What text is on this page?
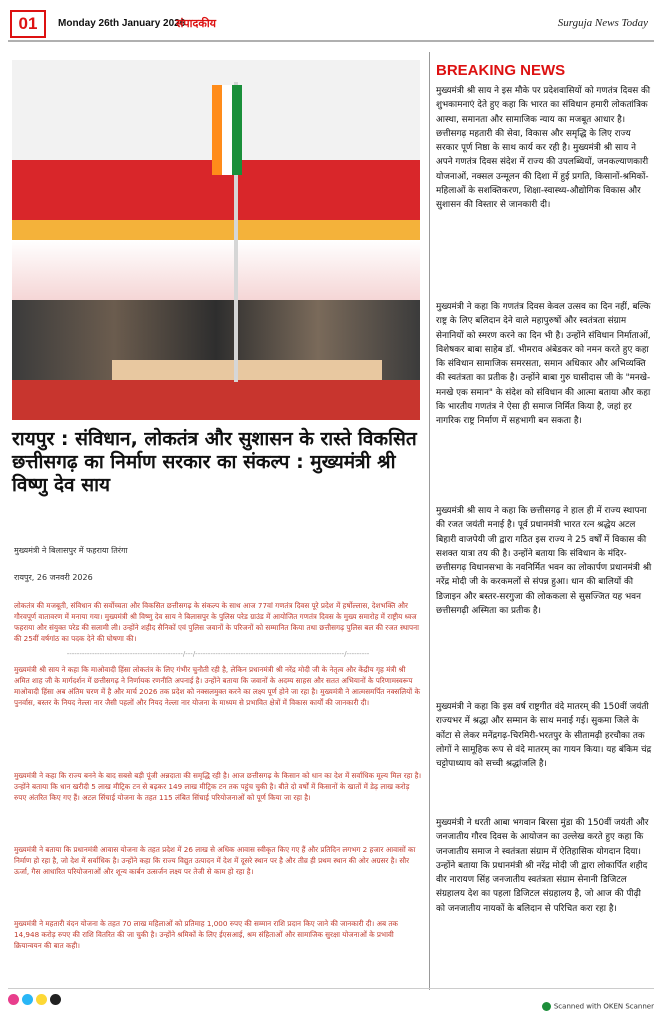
01	Monday 26th January 2026
संपादकीय	Surguja News Today
रायपुर : संविधान, लोकतंत्र और सुशासन के रास्ते विकसित छत्तीसगढ़ का निर्माण सरकार का संकल्प : मुख्यमंत्री श्री विष्णु देव साय
मुख्यमंत्री ने बिलासपुर में फहराया तिरंगा
रायपुर, 26 जनवरी 2026
लोकतंत्र की मजबूती, संविधान की सर्वोच्चता और विकसित छत्तीसगढ़ के संकल्प के साथ आज 77वां गणतंत्र दिवस पूरे प्रदेश में हर्षोल्लास, देशभक्ति और गौरवपूर्ण वातावरण में मनाया गया। मुख्यमंत्री श्री विष्णु देव साय ने बिलासपुर के पुलिस परेड ग्राउंड में आयोजित गणतंत्र दिवस के मुख्य समारोह में राष्ट्रीय ध्वज फहराया और संयुक्त परेड की सलामी ली। उन्होंने शहीद सैनिकों एवं पुलिस जवानों के परिजनों को सम्मानित किया तथा छत्तीसगढ़ पुलिस बल की रजत स्थापना की 25वीं वर्षगांठ का पदक देने की घोषणा की।
----------------------------------------------/---/-----------------------------------------------------------/---------
मुख्यमंत्री श्री साय ने कहा कि माओवादी हिंसा लोकतंत्र के लिए गंभीर चुनौती रही है, लेकिन प्रधानमंत्री श्री नरेंद्र मोदी जी के नेतृत्व और केंद्रीय गृह मंत्री श्री अमित शाह जी के मार्गदर्शन में छत्तीसगढ़ ने निर्णायक रणनीति अपनाई है। उन्होंने बताया कि जवानों के अदम्य साहस और सतत अभियानों के परिणामस्वरूप माओवादी हिंसा अब अंतिम चरण में है और मार्च 2026 तक प्रदेश को नक्सलमुक्त करने का लक्ष्य पूर्ण होने जा रहा है। मुख्यमंत्री ने आत्मसमर्पित नक्सलियों के पुनर्वास, बस्तर के नियद नेल्ला नार जैसी पहलों और नियद नेल्ला नार योजना के माध्यम से प्रभावित क्षेत्रों में विकास कार्यों की जानकारी दी।
मुख्यमंत्री ने कहा कि राज्य बनने के बाद सबसे बड़ी पूंजी अन्नदाता की समृद्धि रही है। आज छत्तीसगढ़ के किसान को धान का देश में सर्वाधिक मूल्य मिल रहा है। उन्होंने बताया कि धान खरीदी 5 लाख मीट्रिक टन से बढ़कर 149 लाख मीट्रिक टन तक पहुंच चुकी है। बीते दो वर्षों में किसानों के खातों में डेढ़ लाख करोड़ रुपए अंतरित किए गए हैं। अटल सिंचाई योजना के तहत 115 लंबित सिंचाई परियोजनाओं को पूर्ण किया जा रहा है।
मुख्यमंत्री ने बताया कि प्रधानमंत्री आवास योजना के तहत प्रदेश में 26 लाख से अधिक आवास स्वीकृत किए गए हैं और प्रतिदिन लगभग 2 हजार आवासों का निर्माण हो रहा है, जो देश में सर्वाधिक है। उन्होंने कहा कि राज्य विद्युत उत्पादन में देश में दूसरे स्थान पर है और तीव्र ही प्रथम स्थान की ओर अग्रसर है। सौर ऊर्जा, गैस आधारित परियोजनाओं और शून्य कार्बन उत्सर्जन लक्ष्य पर तेजी से काम हो रहा है।
मुख्यमंत्री ने महतारी वंदन योजना के तहत 70 लाख महिलाओं को प्रतिमाह 1,000 रुपए की सम्मान राशि प्रदान किए जाने की जानकारी दी। अब तक 14,948 करोड़ रुपए की राशि वितरित की जा चुकी है। उन्होंने श्रमिकों के लिए ईएसआई, श्रम संहिताओं और सामाजिक सुरक्षा योजनाओं के प्रभावी क्रियान्वयन की बात कही।
BREAKING NEWS
मुख्यमंत्री श्री साय ने इस मौके पर प्रदेशवासियों को गणतंत्र दिवस की शुभकामनाएं देते हुए कहा कि भारत का संविधान हमारी लोकतांत्रिक आस्था, समानता और सामाजिक न्याय का मजबूत आधार है। छत्तीसगढ़ महतारी की सेवा, विकास और समृद्धि के लिए राज्य सरकार पूर्ण निष्ठा के साथ कार्य कर रही है। मुख्यमंत्री श्री साय ने अपने गणतंत्र दिवस संदेश में राज्य की उपलब्धियों, जनकल्याणकारी योजनाओं, नक्सल उन्मूलन की दिशा में हुई प्रगति, किसानों-श्रमिकों-महिलाओं के सशक्तिकरण, शिक्षा-स्वास्थ्य-औद्योगिक विकास और सुशासन की विस्तार से जानकारी दी।
मुख्यमंत्री ने कहा कि गणतंत्र दिवस केवल उत्सव का दिन नहीं, बल्कि राष्ट्र के लिए बलिदान देने वाले महापुरुषों और स्वतंत्रता संग्राम सेनानियों को स्मरण करने का दिन भी है। उन्होंने संविधान निर्माताओं, विशेषकर बाबा साहेब डॉ. भीमराव अंबेडकर को नमन करते हुए कहा कि संविधान सामाजिक समरसता, समान अधिकार और अभिव्यक्ति की स्वतंत्रता का प्रतीक है। उन्होंने बाबा गुरु घासीदास जी के "मनखे-मनखे एक समान" के संदेश को संविधान की आत्मा बताया और कहा कि भारतीय गणतंत्र ने ऐसा ही समाज निर्मित किया है, जहां हर नागरिक राष्ट्र निर्माण में सहभागी बन सकता है।
मुख्यमंत्री श्री साय ने कहा कि छत्तीसगढ़ ने हाल ही में राज्य स्थापना की रजत जयंती मनाई है। पूर्व प्रधानमंत्री भारत रत्न श्रद्धेय अटल बिहारी वाजपेयी जी द्वारा गठित इस राज्य ने 25 वर्षों में विकास की सशक्त यात्रा तय की है। उन्होंने बताया कि संविधान के मंदिर- छत्तीसगढ़ विधानसभा के नवनिर्मित भवन का लोकार्पण प्रधानमंत्री श्री नरेंद्र मोदी जी के करकमलों से संपन्न हुआ। धान की बालियों की डिजाइन और बस्तर-सरगुजा की लोककला से सुसज्जित यह भवन छत्तीसगढ़ी अस्मिता का प्रतीक है।
मुख्यमंत्री ने कहा कि इस वर्ष राष्ट्रगीत वंदे मातरम् की 150वीं जयंती राज्यभर में श्रद्धा और सम्मान के साथ मनाई गई। सुकमा जिले के कोंटा से लेकर मनेंद्रगढ़-चिरमिरी-भरतपुर के सीतामढ़ी हरचौका तक लोगों ने सामूहिक रूप से वंदे मातरम् का गायन किया। यह बंकिम चंद्र चट्टोपाध्याय को सच्ची श्रद्धांजलि है।
मुख्यमंत्री ने धरती आबा भगवान बिरसा मुंडा की 150वीं जयंती और जनजातीय गौरव दिवस के आयोजन का उल्लेख करते हुए कहा कि जनजातीय समाज ने स्वतंत्रता संग्राम में ऐतिहासिक योगदान दिया। उन्होंने बताया कि प्रधानमंत्री श्री नरेंद्र मोदी जी द्वारा लोकार्पित शहीद वीर नारायण सिंह जनजातीय स्वतंत्रता संग्राम सेनानी डिजिटल संग्रहालय देश का पहला डिजिटल संग्रहालय है, जो आज की पीढ़ी को जनजातीय नायकों के बलिदान से परिचित करा रहा है।
Scanned with OKEN Scanner
